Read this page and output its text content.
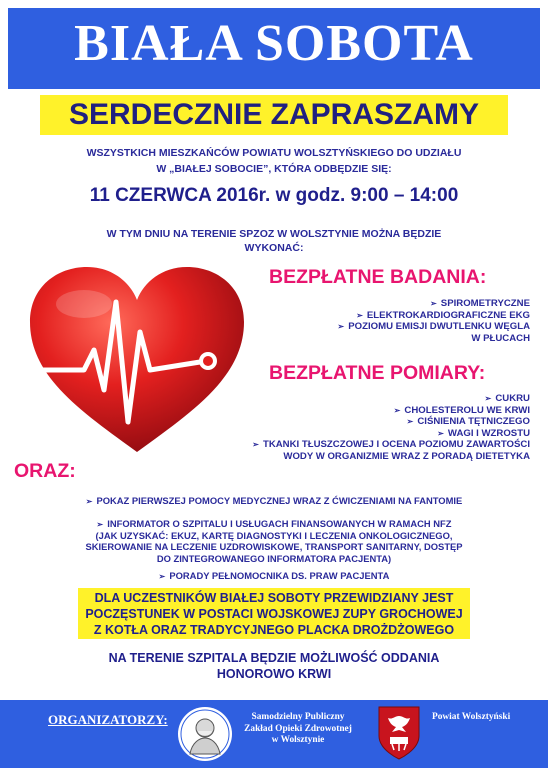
BIAŁA SOBOTA
SERDECZNIE ZAPRASZAMY
WSZYSTKICH MIESZKAŃCÓW POWIATU WOLSZTYŃSKIEGO DO UDZIAŁU
W „BIAŁEJ SOBOCIE”, KTÓRA ODBĘDZIE SIĘ:
11 CZERWCA 2016r. w godz. 9:00 – 14:00
W TYM DNIU NA TERENIE SPZOZ W WOLSZTYNIE MOŻNA BĘDZIE
WYKONAĆ:
BEZPŁATNE BADANIA:
➢ SPIROMETRYCZNE
➢ ELEKTROKARDIOGRAFICZNE EKG
➢ POZIOMU EMISJI DWUTLENKU WĘGLA
W PŁUCACH
BEZPŁATNE POMIARY:
➢ CUKRU
➢ CHOLESTEROLU WE KRWI
➢ CIŚNIENIA TĘTNICZEGO
➢ WAGI I WZROSTU
➢ TKANKI TŁUSZCZOWEJ I OCENA POZIOMU ZAWARTOŚCI
WODY W ORGANIZMIE WRAZ Z PORADĄ DIETETYKA
ORAZ:
➢ POKAZ PIERWSZEJ POMOCY MEDYCZNEJ WRAZ Z ĆWICZENIAMI NA FANTOMIE
➢ INFORMATOR O SZPITALU I USŁUGACH FINANSOWANYCH W RAMACH NFZ
(JAK UZYSKAĆ: EKUZ, KARTĘ DIAGNOSTYKI I LECZENIA ONKOLOGICZNEGO,
SKIEROWANIE NA LECZENIE UZDROWISKOWE, TRANSPORT SANITARNY, DOSTĘP
DO ZINTEGROWANEGO INFORMATORA PACJENTA)
➢ PORADY PEŁNOMOCNIKA DS. PRAW PACJENTA
DLA UCZESTNIKÓW BIAŁEJ SOBOTY PRZEWIDZIANY JEST
POCZĘSTUNEK W POSTACI WOJSKOWEJ ZUPY GROCHOWEJ
Z KOTŁA ORAZ TRADYCYJNEGO PLACKA DROŻDŻOWEGO
NA TERENIE SZPITALA BĘDZIE MOŻLIWOŚĆ ODDANIA
HONOROWO KRWI
ORGANIZATORZY:	Samodzielny Publiczny
Zakład Opieki Zdrowotnej
w Wolsztynie
Powiat Wolsztyński
